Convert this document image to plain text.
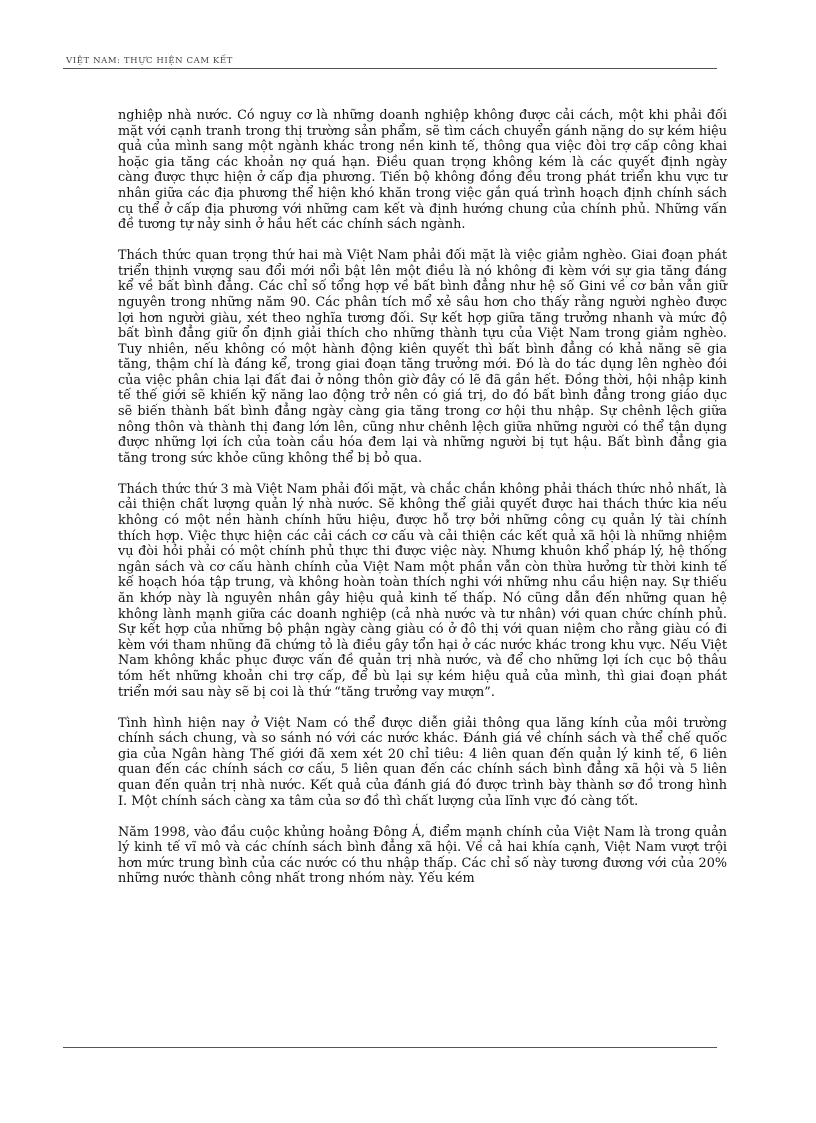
VIỆT NAM: THỰC HIỆN CAM KẾT

nghiệp nhà nước. Có nguy cơ là những doanh nghiệp không được cải cách, một khi phải đối mặt với cạnh tranh trong thị trường sản phẩm, sẽ tìm cách chuyển gánh nặng do sự kém hiệu quả của mình sang một ngành khác trong nền kinh tế, thông qua việc đòi trợ cấp công khai hoặc gia tăng các khoản nợ quá hạn. Điều quan trọng không kém là các quyết định ngày càng được thực hiện ở cấp địa phương. Tiến bộ không đồng đều trong phát triển khu vực tư nhân giữa các địa phương thể hiện khó khăn trong việc gắn quá trình hoạch định chính sách cụ thể ở cấp địa phương với những cam kết và định hướng chung của chính phủ. Những vấn đề tương tự nảy sinh ở hầu hết các chính sách ngành.

Thách thức quan trọng thứ hai mà Việt Nam phải đối mặt là việc giảm nghèo. Giai đoạn phát triển thịnh vượng sau đổi mới nổi bật lên một điều là nó không đi kèm với sự gia tăng đáng kể về bất bình đẳng. Các chỉ số tổng hợp về bất bình đẳng như hệ số Gini về cơ bản vẫn giữ nguyên trong những năm 90. Các phân tích mổ xẻ sâu hơn cho thấy rằng người nghèo được lợi hơn người giàu, xét theo nghĩa tương đối. Sự kết hợp giữa tăng trưởng nhanh và mức độ bất bình đẳng giữ ổn định giải thích cho những thành tựu của Việt Nam trong giảm nghèo. Tuy nhiên, nếu không có một hành động kiên quyết thì bất bình đẳng có khả năng sẽ gia tăng, thậm chí là đáng kể, trong giai đoạn tăng trưởng mới. Đó là do tác dụng lên nghèo đói của việc phân chia lại đất đai ở nông thôn giờ đây có lẽ đã gần hết. Đồng thời, hội nhập kinh tế thế giới sẽ khiến kỹ năng lao động trở nên có giá trị, do đó bất bình đẳng trong giáo dục sẽ biến thành bất bình đẳng ngày càng gia tăng trong cơ hội thu nhập. Sự chênh lệch giữa nông thôn và thành thị đang lớn lên, cũng như chênh lệch giữa những người có thể tận dụng được những lợi ích của toàn cầu hóa đem lại và những người bị tụt hậu. Bất bình đẳng gia tăng trong sức khỏe cũng không thể bị bỏ qua.

Thách thức thứ 3 mà Việt Nam phải đối mặt, và chắc chắn không phải thách thức nhỏ nhất, là cải thiện chất lượng quản lý nhà nước. Sẽ không thể giải quyết được hai thách thức kia nếu không có một nền hành chính hữu hiệu, được hỗ trợ bởi những công cụ quản lý tài chính thích hợp. Việc thực hiện các cải cách cơ cấu và cải thiện các kết quả xã hội là những nhiệm vụ đòi hỏi phải có một chính phủ thực thi được việc này. Nhưng khuôn khổ pháp lý, hệ thống ngân sách và cơ cấu hành chính của Việt Nam một phần vẫn còn thừa hưởng từ thời kinh tế kế hoạch hóa tập trung, và không hoàn toàn thích nghi với những nhu cầu hiện nay. Sự thiếu ăn khớp này là nguyên nhân gây hiệu quả kinh tế thấp. Nó cũng dẫn đến những quan hệ không lành mạnh giữa các doanh nghiệp (cả nhà nước và tư nhân) với quan chức chính phủ. Sự kết hợp của những bộ phận ngày càng giàu có ở đô thị với quan niệm cho rằng giàu có đi kèm với tham nhũng đã chứng tỏ là điều gây tổn hại ở các nước khác trong khu vực. Nếu Việt Nam không khắc phục được vấn đề quản trị nhà nước, và để cho những lợi ích cục bộ thâu tóm hết những khoản chi trợ cấp, để bù lại sự kém hiệu quả của mình, thì giai đoạn phát triển mới sau này sẽ bị coi là thứ “tăng trưởng vay mượn”.

Tình hình hiện nay ở Việt Nam có thể được diễn giải thông qua lăng kính của môi trường chính sách chung, và so sánh nó với các nước khác. Đánh giá về chính sách và thể chế quốc gia của Ngân hàng Thế giới đã xem xét 20 chỉ tiêu: 4 liên quan đến quản lý kinh tế, 6 liên quan đến các chính sách cơ cấu, 5 liên quan đến các chính sách bình đẳng xã hội và 5 liên quan đến quản trị nhà nước. Kết quả của đánh giá đó được trình bày thành sơ đồ trong hình I. Một chính sách càng xa tâm của sơ đồ thì chất lượng của lĩnh vực đó càng tốt.

Năm 1998, vào đầu cuộc khủng hoảng Đông Á, điểm mạnh chính của Việt Nam là trong quản lý kinh tế vĩ mô và các chính sách bình đẳng xã hội. Về cả hai khía cạnh, Việt Nam vượt trội hơn mức trung bình của các nước có thu nhập thấp. Các chỉ số này tương đương với của 20% những nước thành công nhất trong nhóm này. Yếu kém
